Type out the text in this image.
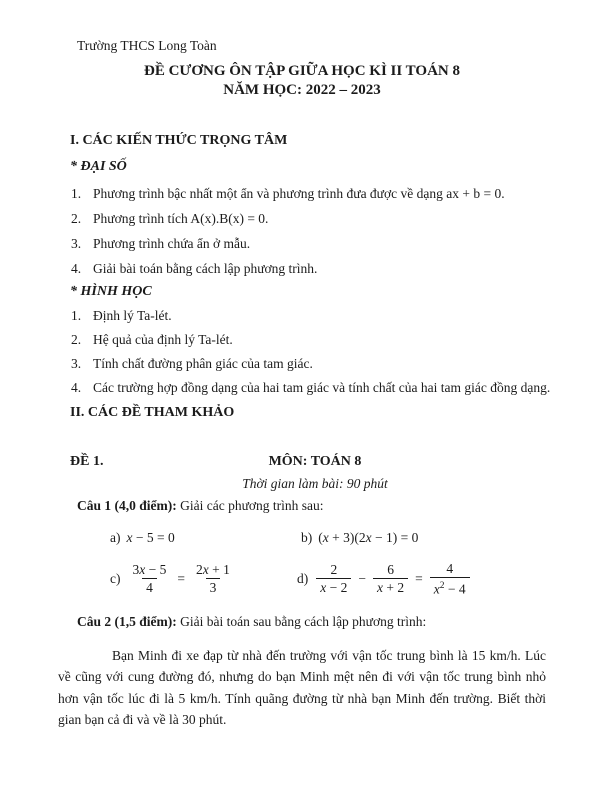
Trường THCS Long Toàn
ĐỀ CƯƠNG ÔN TẬP GIỮA HỌC KÌ II TOÁN 8
NĂM HỌC: 2022 – 2023
I. CÁC KIẾN THỨC TRỌNG TÂM
* ĐẠI SỐ
1. Phương trình bậc nhất một ẩn và phương trình đưa được về dạng ax + b = 0.
2. Phương trình tích A(x).B(x) = 0.
3. Phương trình chứa ẩn ở mẫu.
4. Giải bài toán bằng cách lập phương trình.
* HÌNH HỌC
1. Định lý Ta-lét.
2. Hệ quả của định lý Ta-lét.
3. Tính chất đường phân giác của tam giác.
4. Các trường hợp đồng dạng của hai tam giác và tính chất của hai tam giác đồng dạng.
II. CÁC ĐỀ THAM KHẢO
ĐỀ 1.	MÔN: TOÁN 8
Thời gian làm bài: 90 phút
Câu 1 (4,0 điểm): Giải các phương trình sau:
a) x − 5 = 0	b) (x + 3)(2x − 1) = 0
$c) \frac{3x - 5}{4} = \frac{2x + 1}{3}$	$d) \frac{2}{x - 2} - \frac{6}{x + 2} = \frac{4}{x^2 - 4}$
Câu 2 (1,5 điểm): Giải bài toán sau bằng cách lập phương trình:
Bạn Minh đi xe đạp từ nhà đến trường với vận tốc trung bình là 15 km/h. Lúc về cũng với cung đường đó, nhưng do bạn Minh mệt nên đi với vận tốc trung bình nhỏ hơn vận tốc lúc đi là 5 km/h. Tính quãng đường từ nhà bạn Minh đến trường. Biết thời gian bạn cả đi và về là 30 phút.
